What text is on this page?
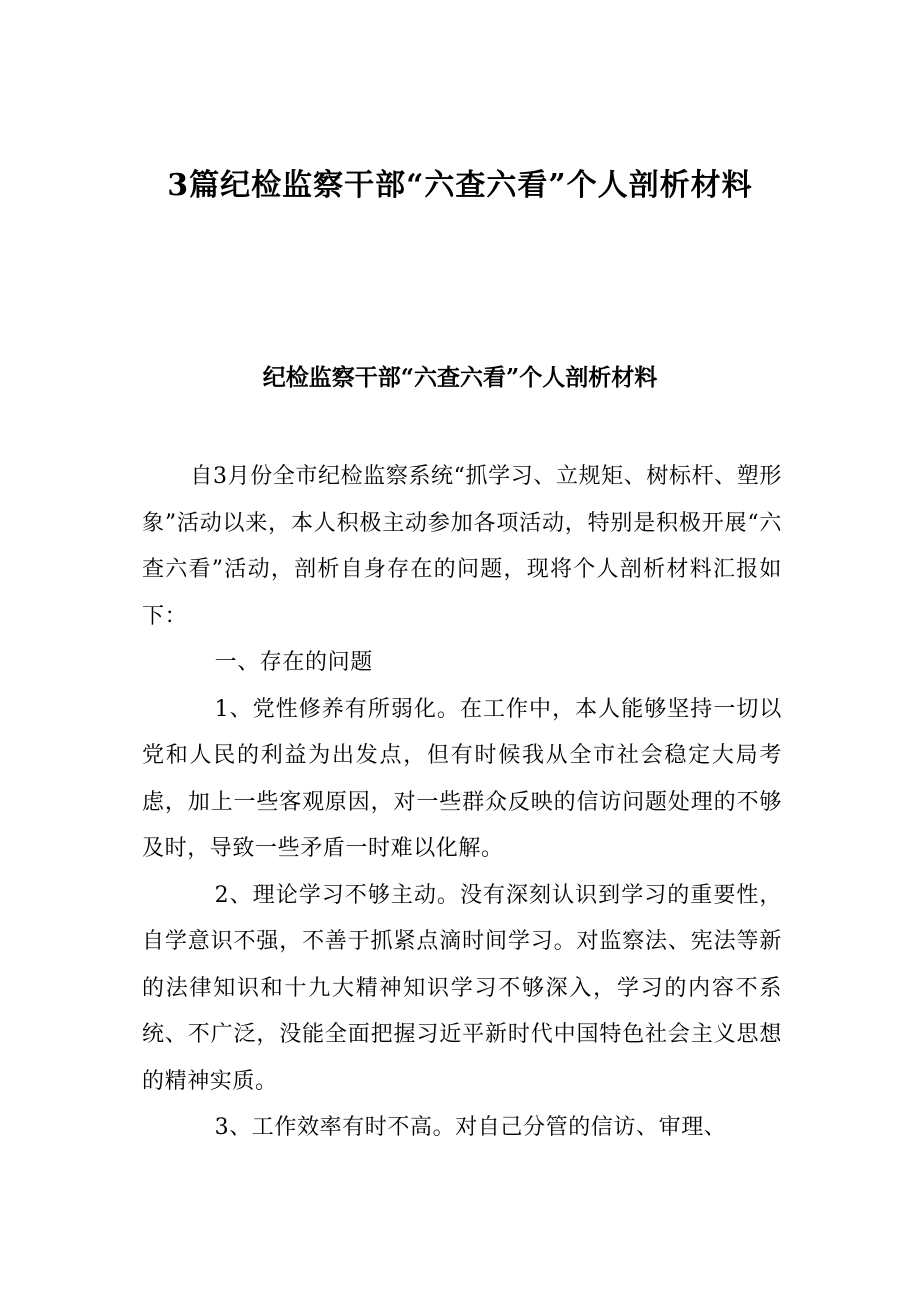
3篇纪检监察干部“六查六看”个人剖析材料
纪检监察干部“六查六看”个人剖析材料

自3月份全市纪检监察系统“抓学习、立规矩、树标杆、塑形象”活动以来，本人积极主动参加各项活动，特别是积极开展“六查六看”活动，剖析自身存在的问题，现将个人剖析材料汇报如下：

一、存在的问题

1、党性修养有所弱化。在工作中，本人能够坚持一切以党和人民的利益为出发点，但有时候我从全市社会稳定大局考虑，加上一些客观原因，对一些群众反映的信访问题处理的不够及时，导致一些矛盾一时难以化解。

2、理论学习不够主动。没有深刻认识到学习的重要性，自学意识不强，不善于抓紧点滴时间学习。对监察法、宪法等新的法律知识和十九大精神知识学习不够深入，学习的内容不系统、不广泛，没能全面把握习近平新时代中国特色社会主义思想的精神实质。

3、工作效率有时不高。对自己分管的信访、审理、
